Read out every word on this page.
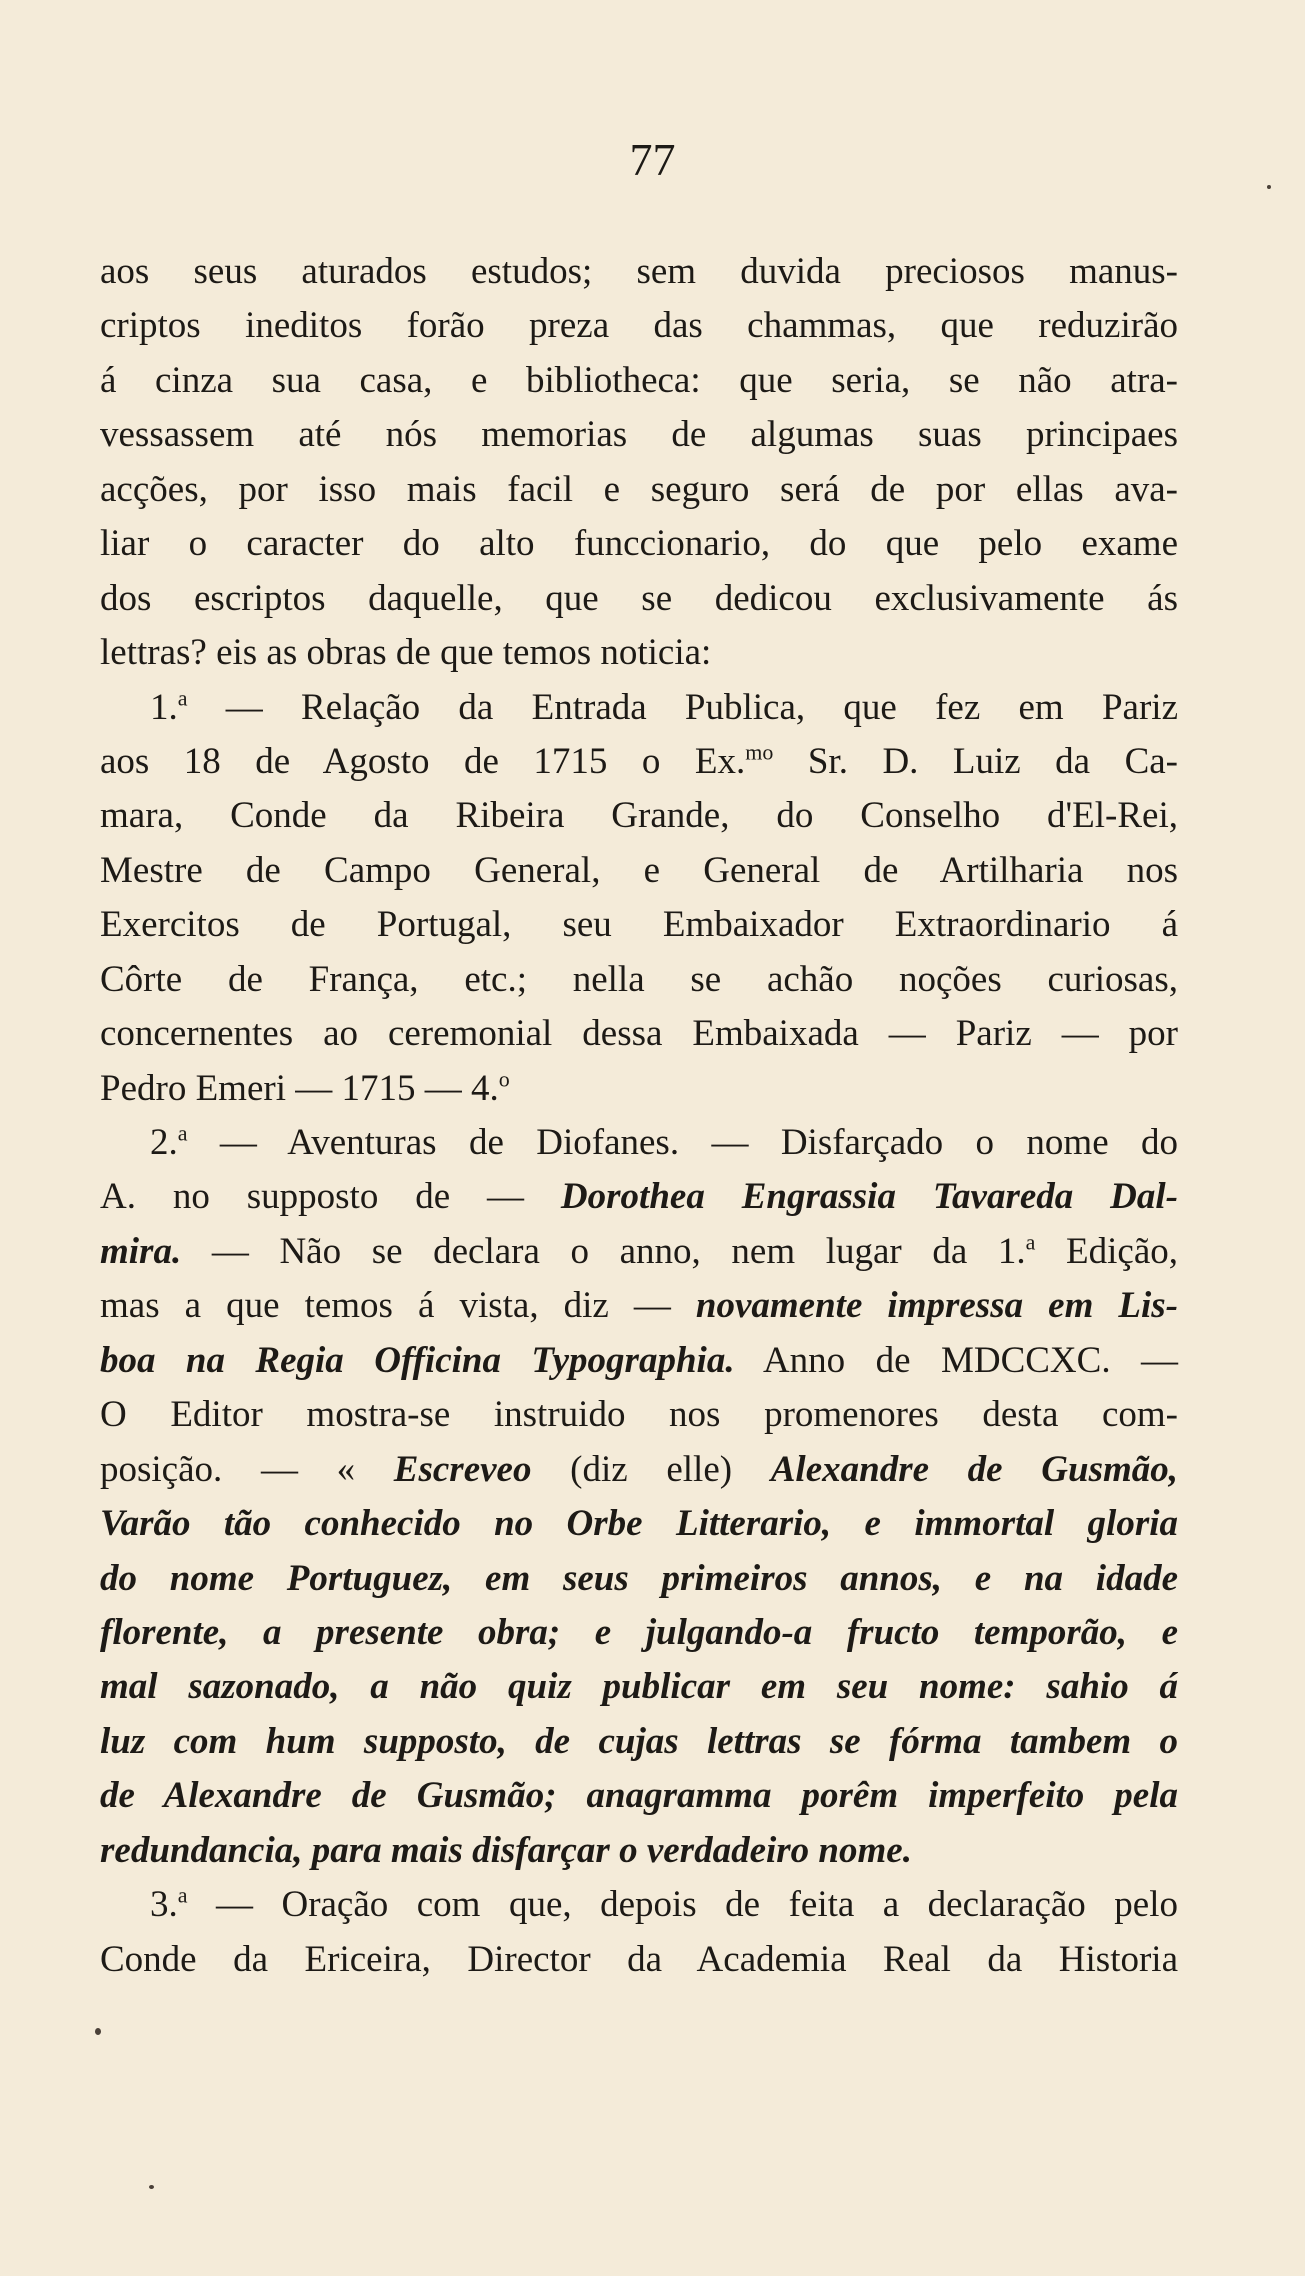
77
aos seus aturados estudos; sem duvida preciosos manus-
criptos ineditos forão preza das chammas, que reduzirão
á cinza sua casa, e bibliotheca: que seria, se não atra-
vessassem até nós memorias de algumas suas principaes
acções, por isso mais facil e seguro será de por ellas ava-
liar o caracter do alto funccionario, do que pelo exame
dos escriptos daquelle, que se dedicou exclusivamente ás
lettras? eis as obras de que temos noticia:
1.$^a$ — Relação da Entrada Publica, que fez em Pariz
aos 18 de Agosto de 1715 o Ex.$^{mo}$ Sr. D. Luiz da Ca-
mara, Conde da Ribeira Grande, do Conselho d'El-Rei,
Mestre de Campo General, e General de Artilharia nos
Exercitos de Portugal, seu Embaixador Extraordinario á
Côrte de França, etc.; nella se achão noções curiosas,
concernentes ao ceremonial dessa Embaixada — Pariz — por
Pedro Emeri — 1715 — 4.$^o$
2.$^a$ — Aventuras de Diofanes. — Disfarçado o nome do
A. no supposto de — Dorothea Engrassia Tavareda Dal-
mira. — Não se declara o anno, nem lugar da 1.$^a$ Edição,
mas a que temos á vista, diz — novamente impressa em Lis-
boa na Regia Officina Typographia. Anno de MDCCXC. —
O Editor mostra-se instruido nos promenores desta com-
posição. — « Escreveo (diz elle) Alexandre de Gusmão,
Varão tão conhecido no Orbe Litterario, e immortal gloria
do nome Portuguez, em seus primeiros annos, e na idade
florente, a presente obra; e julgando-a fructo temporão, e
mal sazonado, a não quiz publicar em seu nome: sahio á
luz com hum supposto, de cujas lettras se fórma tambem o
de Alexandre de Gusmão; anagramma porêm imperfeito pela
redundancia, para mais disfarçar o verdadeiro nome.
3.$^a$ — Oração com que, depois de feita a declaração pelo
Conde da Ericeira, Director da Academia Real da Historia
